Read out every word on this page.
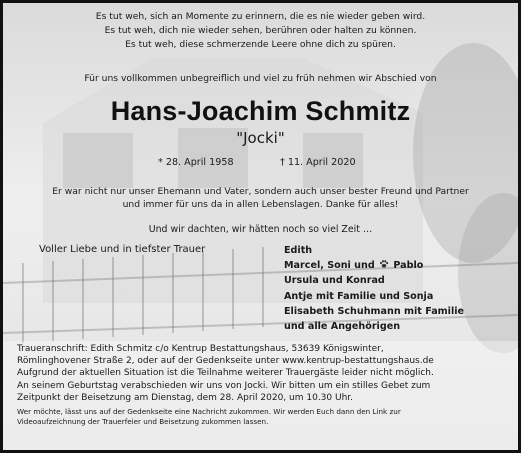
Es tut weh, sich an Momente zu erinnern, die es nie wieder geben wird.
Es tut weh, dich nie wieder sehen, berühren oder halten zu können.
Es tut weh, diese schmerzende Leere ohne dich zu spüren.
Für uns vollkommen unbegreiflich und viel zu früh nehmen wir Abschied von
Hans-Joachim Schmitz
"Jocki"
* 28. April 1958	† 11. April 2020
Er war nicht nur unser Ehemann und Vater, sondern auch unser bester Freund und Partner
und immer für uns da in allen Lebenslagen. Danke für alles!
Und wir dachten, wir hätten noch so viel Zeit …
Voller Liebe und in tiefster Trauer	Edith
Marcel, Soni und Pablo
Ursula und Konrad
Antje mit Familie und Sonja
Elisabeth Schuhmann mit Familie
und alle Angehörigen
Traueranschrift: Edith Schmitz c/o Kentrup Bestattungshaus, 53639 Königswinter,
Römlinghovener Straße 2, oder auf der Gedenkseite unter www.kentrup-bestattungshaus.de
Aufgrund der aktuellen Situation ist die Teilnahme weiterer Trauergäste leider nicht möglich.
An seinem Geburtstag verabschieden wir uns von Jocki. Wir bitten um ein stilles Gebet zum
Zeitpunkt der Beisetzung am Dienstag, dem 28. April 2020, um 10.30 Uhr.
Wer möchte, lässt uns auf der Gedenkseite eine Nachricht zukommen. Wir werden Euch dann den Link zur
Videoaufzeichnung der Trauerfeier und Beisetzung zukommen lassen.
